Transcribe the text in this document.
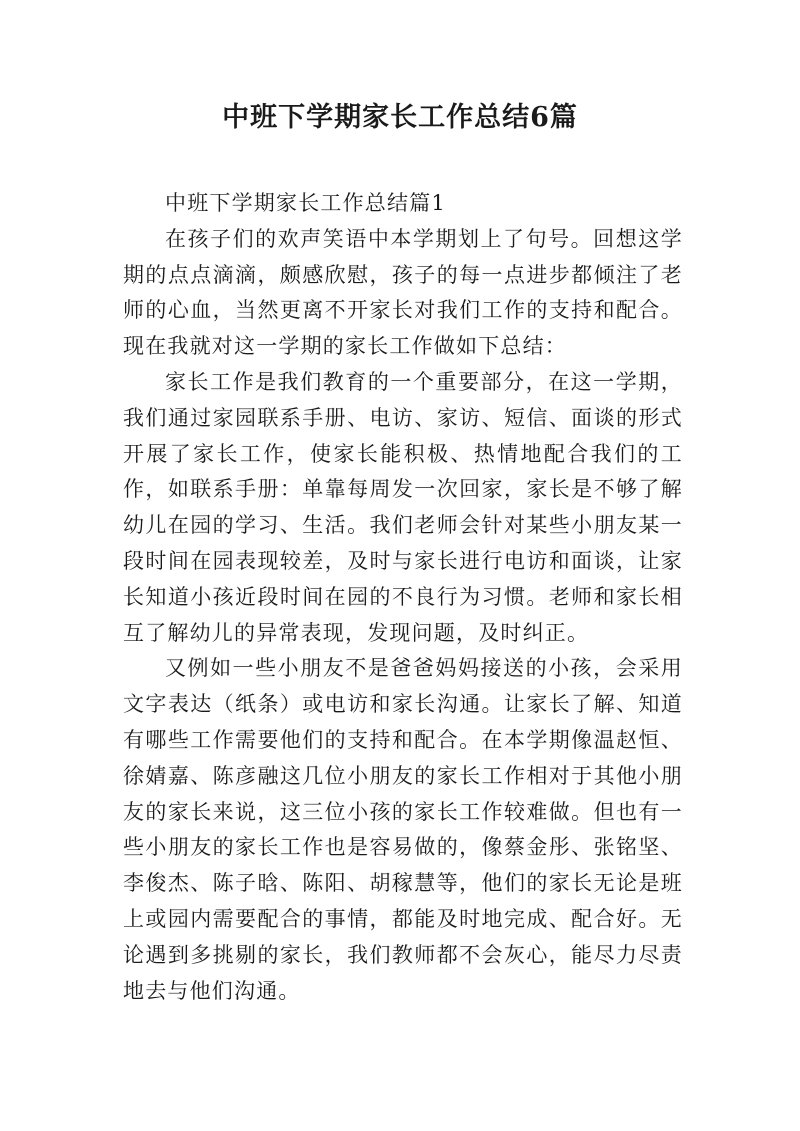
中班下学期家长工作总结6篇

中班下学期家长工作总结篇1

在孩子们的欢声笑语中本学期划上了句号。回想这学期的点点滴滴，颇感欣慰，孩子的每一点进步都倾注了老师的心血，当然更离不开家长对我们工作的支持和配合。现在我就对这一学期的家长工作做如下总结：

家长工作是我们教育的一个重要部分，在这一学期，我们通过家园联系手册、电访、家访、短信、面谈的形式开展了家长工作，使家长能积极、热情地配合我们的工作，如联系手册：单靠每周发一次回家，家长是不够了解幼儿在园的学习、生活。我们老师会针对某些小朋友某一段时间在园表现较差，及时与家长进行电访和面谈，让家长知道小孩近段时间在园的不良行为习惯。老师和家长相互了解幼儿的异常表现，发现问题，及时纠正。

又例如一些小朋友不是爸爸妈妈接送的小孩，会采用文字表达（纸条）或电访和家长沟通。让家长了解、知道有哪些工作需要他们的支持和配合。在本学期像温赵恒、徐婧嘉、陈彦融这几位小朋友的家长工作相对于其他小朋友的家长来说，这三位小孩的家长工作较难做。但也有一些小朋友的家长工作也是容易做的，像蔡金彤、张铭坚、李俊杰、陈子晗、陈阳、胡稼慧等，他们的家长无论是班上或园内需要配合的事情，都能及时地完成、配合好。无论遇到多挑剔的家长，我们教师都不会灰心，能尽力尽责地去与他们沟通。
